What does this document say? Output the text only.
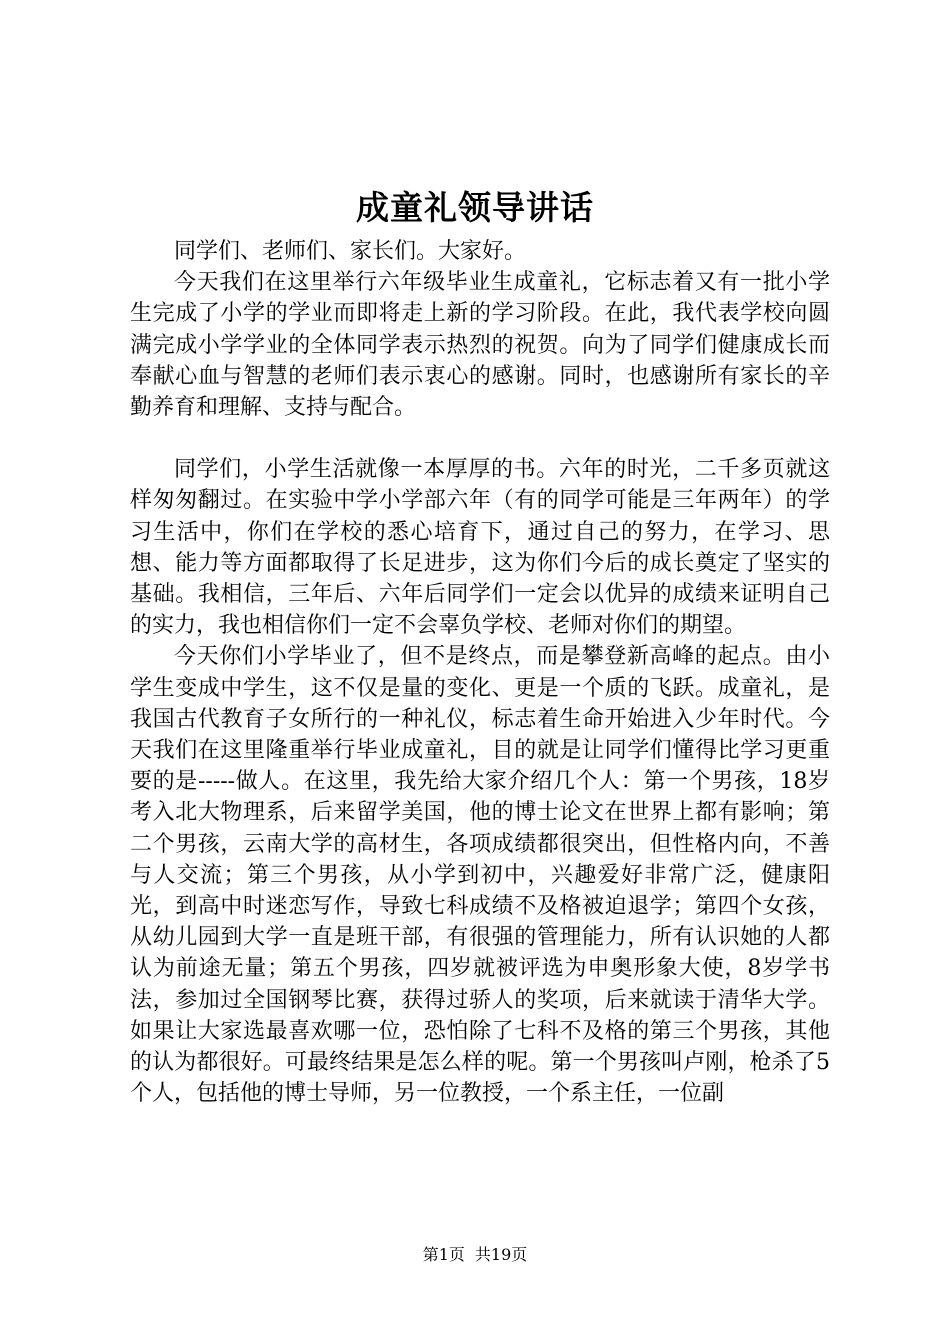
成童礼领导讲话

同学们、老师们、家长们。大家好。

今天我们在这里举行六年级毕业生成童礼，它标志着又有一批小学生完成了小学的学业而即将走上新的学习阶段。在此，我代表学校向圆满完成小学学业的全体同学表示热烈的祝贺。向为了同学们健康成长而奉献心血与智慧的老师们表示衷心的感谢。同时，也感谢所有家长的辛勤养育和理解、支持与配合。

同学们，小学生活就像一本厚厚的书。六年的时光，二千多页就这样匆匆翻过。在实验中学小学部六年（有的同学可能是三年两年）的学习生活中，你们在学校的悉心培育下，通过自己的努力，在学习、思想、能力等方面都取得了长足进步，这为你们今后的成长奠定了坚实的基础。我相信，三年后、六年后同学们一定会以优异的成绩来证明自己的实力，我也相信你们一定不会辜负学校、老师对你们的期望。

今天你们小学毕业了，但不是终点，而是攀登新高峰的起点。由小学生变成中学生，这不仅是量的变化、更是一个质的飞跃。成童礼，是我国古代教育子女所行的一种礼仪，标志着生命开始进入少年时代。今天我们在这里隆重举行毕业成童礼，目的就是让同学们懂得比学习更重要的是-----做人。在这里，我先给大家介绍几个人：第一个男孩，18岁考入北大物理系，后来留学美国，他的博士论文在世界上都有影响；第二个男孩，云南大学的高材生，各项成绩都很突出，但性格内向，不善与人交流；第三个男孩，从小学到初中，兴趣爱好非常广泛，健康阳光，到高中时迷恋写作，导致七科成绩不及格被迫退学；第四个女孩，从幼儿园到大学一直是班干部，有很强的管理能力，所有认识她的人都认为前途无量；第五个男孩，四岁就被评选为申奥形象大使，8岁学书法，参加过全国钢琴比赛，获得过骄人的奖项，后来就读于清华大学。如果让大家选最喜欢哪一位，恐怕除了七科不及格的第三个男孩，其他的认为都很好。可最终结果是怎么样的呢。第一个男孩叫卢刚，枪杀了5个人，包括他的博士导师，另一位教授，一个系主任，一位副

第1页 共19页
